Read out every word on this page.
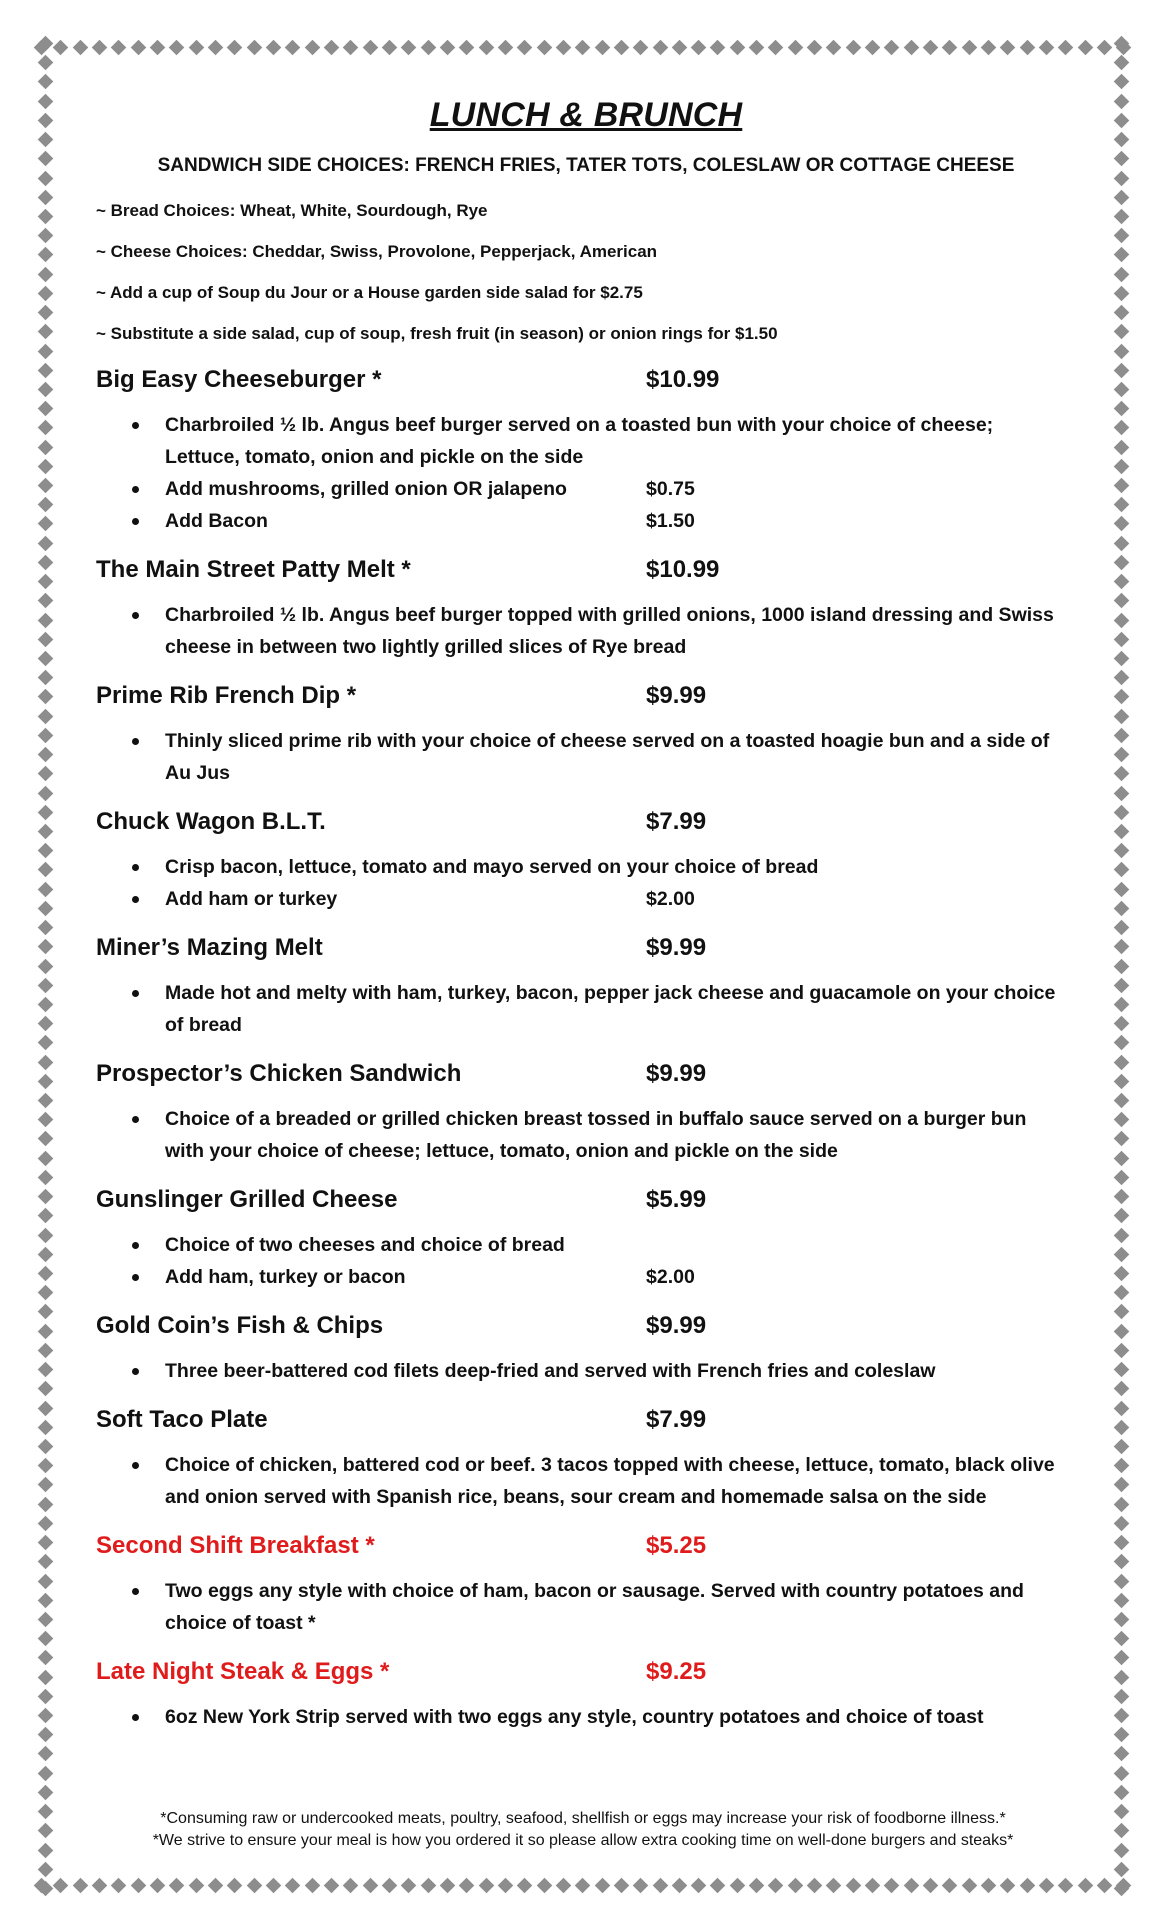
LUNCH & BRUNCH
SANDWICH SIDE CHOICES: FRENCH FRIES, TATER TOTS, COLESLAW OR COTTAGE CHEESE
~ Bread Choices: Wheat, White, Sourdough, Rye
~ Cheese Choices: Cheddar, Swiss, Provolone, Pepperjack, American
~ Add a cup of Soup du Jour or a House garden side salad for $2.75
~ Substitute a side salad, cup of soup, fresh fruit (in season) or onion rings for $1.50
Big Easy Cheeseburger *	$10.99
Charbroiled ½ lb. Angus beef burger served on a toasted bun with your choice of cheese; Lettuce, tomato, onion and pickle on the side
Add mushrooms, grilled onion OR jalapeno	$0.75
Add Bacon	$1.50
The Main Street Patty Melt *	$10.99
Charbroiled ½ lb. Angus beef burger topped with grilled onions, 1000 island dressing and Swiss cheese in between two lightly grilled slices of Rye bread
Prime Rib French Dip *	$9.99
Thinly sliced prime rib with your choice of cheese served on a toasted hoagie bun and a side of Au Jus
Chuck Wagon B.L.T.	$7.99
Crisp bacon, lettuce, tomato and mayo served on your choice of bread
Add ham or turkey	$2.00
Miner’s Mazing Melt	$9.99
Made hot and melty with ham, turkey, bacon, pepper jack cheese and guacamole on your choice of bread
Prospector’s Chicken Sandwich	$9.99
Choice of a breaded or grilled chicken breast tossed in buffalo sauce served on a burger bun with your choice of cheese; lettuce, tomato, onion and pickle on the side
Gunslinger Grilled Cheese	$5.99
Choice of two cheeses and choice of bread
Add ham, turkey or bacon	$2.00
Gold Coin’s Fish & Chips	$9.99
Three beer-battered cod filets deep-fried and served with French fries and coleslaw
Soft Taco Plate	$7.99
Choice of chicken, battered cod or beef. 3 tacos topped with cheese, lettuce, tomato, black olive and onion served with Spanish rice, beans, sour cream and homemade salsa on the side
Second Shift Breakfast *	$5.25
Two eggs any style with choice of ham, bacon or sausage. Served with country potatoes and choice of toast *
Late Night Steak & Eggs *	$9.25
6oz New York Strip served with two eggs any style, country potatoes and choice of toast
*Consuming raw or undercooked meats, poultry, seafood, shellfish or eggs may increase your risk of foodborne illness.*
*We strive to ensure your meal is how you ordered it so please allow extra cooking time on well-done burgers and steaks*
